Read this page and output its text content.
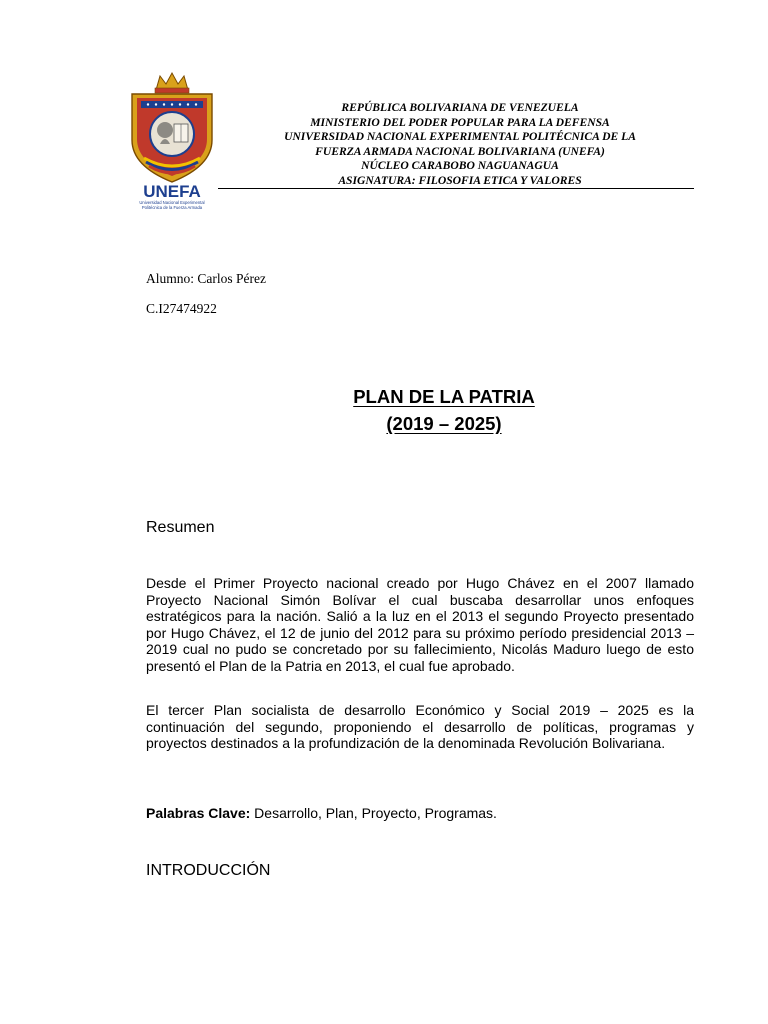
UNEFA
Universidad Nacional Experimental
Politécnica de la Fuerza Armada
REPÚBLICA BOLIVARIANA DE VENEZUELA
MINISTERIO DEL PODER POPULAR PARA LA DEFENSA
UNIVERSIDAD NACIONAL EXPERIMENTAL POLITÉCNICA DE LA
FUERZA ARMADA NACIONAL BOLIVARIANA (UNEFA)
NÚCLEO CARABOBO NAGUANAGUA
ASIGNATURA: FILOSOFIA ETICA Y VALORES
Alumno: Carlos Pérez
C.I27474922
PLAN DE LA PATRIA
(2019 – 2025)
Resumen

Desde el Primer Proyecto nacional creado por Hugo Chávez en el 2007 llamado Proyecto Nacional Simón Bolívar el cual buscaba desarrollar unos enfoques estratégicos para la nación. Salió a la luz en el 2013 el segundo Proyecto presentado por Hugo Chávez, el 12 de junio del 2012 para su próximo período presidencial 2013 – 2019 cual no pudo se concretado por su fallecimiento, Nicolás Maduro luego de esto presentó el Plan de la Patria en 2013, el cual fue aprobado.

El tercer Plan socialista de desarrollo Económico y Social 2019 – 2025 es la continuación del segundo, proponiendo el desarrollo de políticas, programas y proyectos destinados a la profundización de la denominada Revolución Bolivariana.

Palabras Clave: Desarrollo, Plan, Proyecto, Programas.
INTRODUCCIÓN
